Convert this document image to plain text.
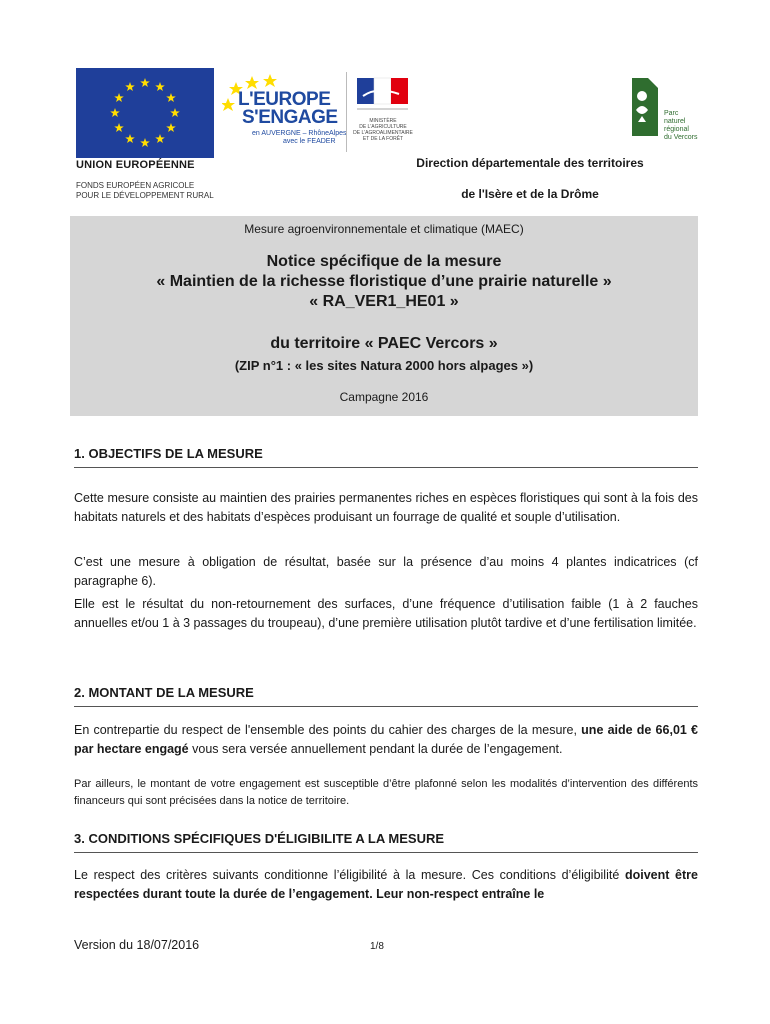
UNION EUROPÉENNE
FONDS EUROPÉEN AGRICOLE
POUR LE DÉVELOPPEMENT RURAL
L'EUROPE
S'ENGAGE
en AUVERGNE – RhôneAlpes
avec le FEADER
MINISTÈRE
DE L'AGRICULTURE
DE L'AGROALIMENTAIRE
ET DE LA FORÊT
Parc
naturel
régional
du Vercors
Direction départementale des territoires
de l'Isère et de la Drôme
Mesure agroenvironnementale et climatique (MAEC)
Notice spécifique de la mesure
« Maintien de la richesse floristique d’une prairie naturelle »
« RA_VER1_HE01 »
du territoire « PAEC Vercors »
(ZIP n°1 : « les sites Natura 2000 hors alpages »)
Campagne 2016
1. OBJECTIFS DE LA MESURE
Cette mesure consiste au maintien des prairies permanentes riches en espèces floristiques qui sont à la fois des habitats naturels et des habitats d’espèces produisant un fourrage de qualité et souple d’utilisation.
C’est une mesure à obligation de résultat, basée sur la présence d’au moins 4 plantes indicatrices (cf paragraphe 6).
Elle est le résultat du non-retournement des surfaces, d’une fréquence d’utilisation faible (1 à 2 fauches annuelles et/ou 1 à 3 passages du troupeau), d’une première utilisation plutôt tardive et d’une fertilisation limitée.
2. MONTANT DE LA MESURE
En contrepartie du respect de l'ensemble des points du cahier des charges de la mesure, une aide de 66,01 € par hectare engagé vous sera versée annuellement pendant la durée de l’engagement.
Par ailleurs, le montant de votre engagement est susceptible d’être plafonné selon les modalités d’intervention des différents financeurs qui sont précisées dans la notice de territoire.
3. CONDITIONS SPÉCIFIQUES D'ÉLIGIBILITE A LA MESURE
Le respect des critères suivants conditionne l’éligibilité à la mesure. Ces conditions d’éligibilité doivent être respectées durant toute la durée de l’engagement. Leur non-respect entraîne le
Version du 18/07/2016	1/8
